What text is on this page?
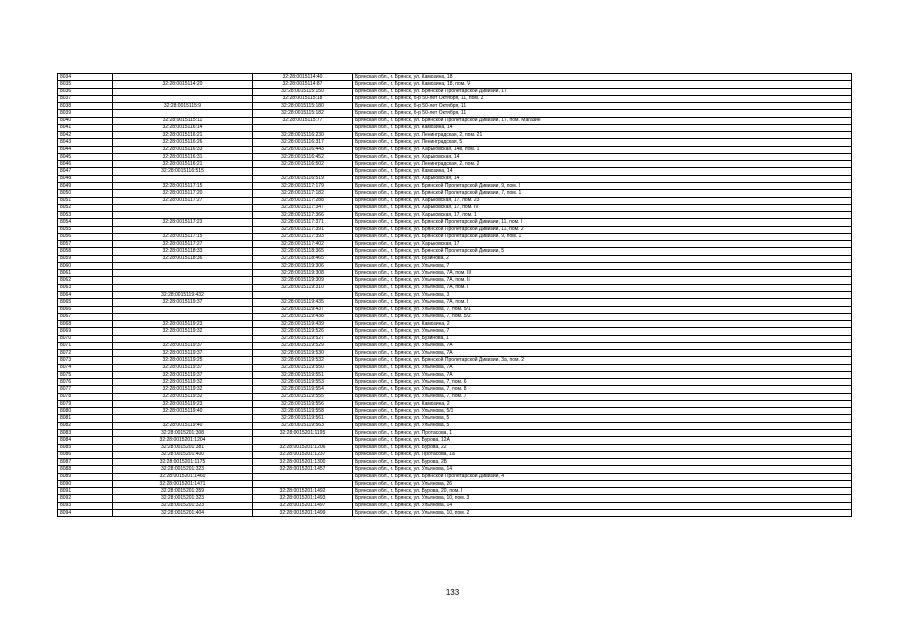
8034		32:28:0015114:40	Брянская обл., г. Брянск, ул. Камозина, 18
8035	32:28:0015114:20	32:28:0015114:87	Брянская обл., г. Брянск, ул. Камозина, 18, пом. V
8036		32:28:0015115:150	Брянская обл., г. Брянск, ул. Брянской Пролетарской Дивизии, 17
8037		32:28:0015115:18	Брянская обл., г. Брянск, б-р 50-лет Октября, 11, пом. 2
8038	32:28:0015115:9	32:28:0015115:180	Брянская обл., г. Брянск, б-р 50-лет Октября, 11
8039		32:28:0015115:182	Брянская обл., г. Брянск, б-р 50-лет Октября, 11
8040	32:28:0015115:11	32:28:0015115:77	Брянская обл., г. Брянск, ул. Брянской Пролетарской Дивизии, 17, пом. Магазин
8041	32:28:0015116:14		Брянская обл., г. Брянск, ул. Камозина, 14
8042	32:28:0015116:21	32:28:0015116:230	Брянская обл., г. Брянск, ул. Ленинградская, 2, пом. 21
8043	32:28:0015116:26	32:28:0015116:317	Брянская обл., г. Брянск, ул. Ленинградская, 5
8044	32:28:0015116:33	32:28:0015116:443	Брянская обл., г. Брянск, ул. Харьковская, 14в, пом. 1
8045	32:28:0015116:31	32:28:0015116:452	Брянская обл., г. Брянск, ул. Харьковская, 14
8046	32:28:0015116:21	32:28:0015116:502	Брянская обл., г. Брянск, ул. Ленинградская, 2, пом. 2
8047	32:28:0015116:515		Брянская обл., г. Брянск, ул. Камозина, 14
8048		32:28:0015116:519	Брянская обл., г. Брянск, ул. Харьковская, 14
8049	32:28:0015117:15	32:28:0015117:179	Брянская обл., г. Брянск, ул. Брянской Пролетарской Дивизии, 9, пом. I
8050	32:28:0015117:20	32:28:0015117:182	Брянская обл., г. Брянск, ул. Брянской Пролетарской Дивизии, 7, пом. 1
8051	32:28:0015117:27	32:28:0015117:288	Брянская обл., г. Брянск, ул. Харьковская, 17, пом. 23
8052		32:28:0015117:347	Брянская обл., г. Брянск, ул. Харьковская, 17, пом. IV
8053		32:28:0015117:366	Брянская обл., г. Брянск, ул. Харьковская, 17, пом. 1
8054	32:28:0015117:23	32:28:0015117:371	Брянская обл., г. Брянск, ул. Брянской Пролетарской Дивизии, 11, пом. I
8055		32:28:0015117:391	Брянская обл., г. Брянск, ул. Брянской Пролетарской Дивизии, 11, пом. 2
8056	32:28:0015117:15	32:28:0015117:393	Брянская обл., г. Брянск, ул. Брянской Пролетарской Дивизии, 9, пом. 1
8057	32:28:0015117:27	32:28:0015117:402	Брянская обл., г. Брянск, ул. Харьковская, 17
8058	32:28:0015118:33	32:28:0015118:365	Брянская обл., г. Брянск, ул. Брянской Пролетарской Дивизии, 5
8059	32:28:0015118:36	32:28:0015118:465	Брянская обл., г. Брянск, ул. Бузинова, 2
8060		32:28:0015119:306	Брянская обл., г. Брянск, ул. Ульянова, 7
8061		32:28:0015119:308	Брянская обл., г. Брянск, ул. Ульянова, 7А, пом. III
8062		32:28:0015119:309	Брянская обл., г. Брянск, ул. Ульянова, 7А, пом. II
8063		32:28:0015119:310	Брянская обл., г. Брянск, ул. Ульянова, 7А, пом. I
8064	32:28:0015119:432		Брянская обл., г. Брянск, ул. Ульянова, 3
8065	32:28:0015119:37	32:28:0015119:435	Брянская обл., г. Брянск, ул. Ульянова, 7А, пом. I
8066		32:28:0015119:437	Брянская обл., г. Брянск, ул. Ульянова, 7, пом. 5/1
8067		32:28:0015119:438	Брянская обл., г. Брянск, ул. Ульянова, 7, пом. 5/2
8068	32:28:0015119:23	32:28:0015119:439	Брянская обл., г. Брянск, ул. Камозина, 2
8069	32:28:0015119:32	32:28:0015119:526	Брянская обл., г. Брянск, ул. Ульянова, 7
8070		32:28:0015119:527	Брянская обл., г. Брянск, ул. Бузинова, 1
8071	32:28:0015119:37	32:28:0015119:529	Брянская обл., г. Брянск, ул. Ульянова, 7А
8072	32:28:0015119:37	32:28:0015119:530	Брянская обл., г. Брянск, ул. Ульянова, 7А
8073	32:28:0015119:25	32:28:0015119:532	Брянская обл., г. Брянск, ул. Брянской Пролетарской Дивизии, 3а, пом. 2
8074	32:28:0015119:37	32:28:0015119:550	Брянская обл., г. Брянск, ул. Ульянова, 7А
8075	32:28:0015119:37	32:28:0015119:551	Брянская обл., г. Брянск, ул. Ульянова, 7А
8076	32:28:0015119:32	32:28:0015119:553	Брянская обл., г. Брянск, ул. Ульянова, 7, пом. 6
8077	32:28:0015119:32	32:28:0015119:554	Брянская обл., г. Брянск, ул. Ульянова, 7, пом. 8
8078	32:28:0015119:32	32:28:0015119:555	Брянская обл., г. Брянск, ул. Ульянова, 7, пом. 7
8079	32:28:0015119:23	32:28:0015119:556	Брянская обл., г. Брянск, ул. Камозина, 2
8080	32:28:0015119:40	32:28:0015119:558	Брянская обл., г. Брянск, ул. Ульянова, 5/1
8081		32:28:0015119:561	Брянская обл., г. Брянск, ул. Ульянова, 5
8082	32:28:0015119:40	32:28:0015119:563	Брянская обл., г. Брянск, ул. Ульянова, 5
8083	32:28:0015201:308	32:28:0015201:1195	Брянская обл., г. Брянск, ул. Протасова, 1
8084	32:28:0015201:1204		Брянская обл., г. Брянск, ул. Бурова, 12А
8085	32:28:0015201:381	32:28:0015201:1206	Брянская обл., г. Брянск, ул. Бурова, 22
8086	32:28:0015201:400	32:28:0015201:1237	Брянская обл., г. Брянск, ул. Протасова, 1а
8087	32:28:0015201:1175	32:28:0015201:1300	Брянская обл., г. Брянск, ул. Бурова, 2Б
8088	32:28:0015201:323	32:28:0015201:1457	Брянская обл., г. Брянск, ул. Ульянова, 14
8089	32:28:0015201:1460		Брянская обл., г. Брянск, ул. Брянской Пролетарской Дивизии, 4
8090	32:28:0015201:1471		Брянская обл., г. Брянск, ул. Ульянова, 26
8091	32:28:0015201:359	32:28:0015201:1492	Брянская обл., г. Брянск, ул. Бурова, 20, пом. I
8092	32:28:0015201:323	32:28:0015201:1493	Брянская обл., г. Брянск, ул. Ульянова, 10, пом. 3
8093	32:28:0015201:323	32:28:0015201:1497	Брянская обл., г. Брянск, ул. Ульянова, 14
8094	32:28:0015201:404	32:28:0015201:1499	Брянская обл., г. Брянск, ул. Ульянова, 10, пом. 2
133
